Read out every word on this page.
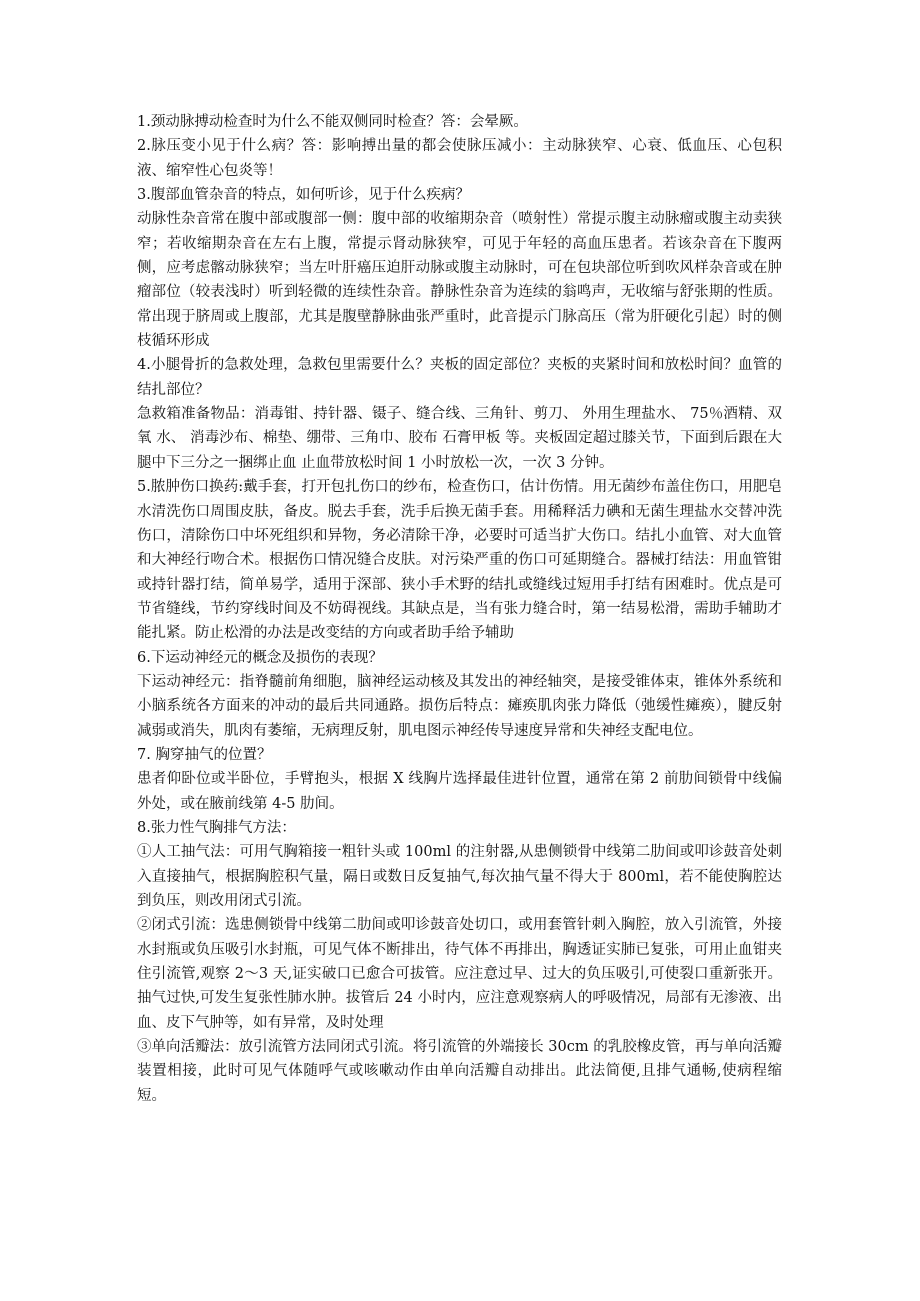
1.颈动脉搏动检查时为什么不能双侧同时检查？答：会晕厥。

2.脉压变小见于什么病？答：影响搏出量的都会使脉压减小：主动脉狭窄、心衰、低血压、心包积液、缩窄性心包炎等！

3.腹部血管杂音的特点，如何听诊，见于什么疾病？

动脉性杂音常在腹中部或腹部一侧：腹中部的收缩期杂音（喷射性）常提示腹主动脉瘤或腹主动卖狭窄；若收缩期杂音在左右上腹，常提示肾动脉狭窄，可见于年轻的高血压患者。若该杂音在下腹两侧，应考虑髂动脉狭窄；当左叶肝癌压迫肝动脉或腹主动脉时，可在包块部位听到吹风样杂音或在肿瘤部位（较表浅时）听到轻微的连续性杂音。静脉性杂音为连续的翁鸣声，无收缩与舒张期的性质。常出现于脐周或上腹部，尤其是腹壁静脉曲张严重时，此音提示门脉高压（常为肝硬化引起）时的侧枝循环形成

4.小腿骨折的急救处理，急救包里需要什么？夹板的固定部位？夹板的夹紧时间和放松时间？血管的结扎部位？

急救箱准备物品：消毒钳、持针器、镊子、缝合线、三角针、剪刀、 外用生理盐水、 75％酒精、双氧 水、 消毒沙布、棉垫、绷带、三角巾、胶布 石膏甲板 等。夹板固定超过膝关节，下面到后跟在大腿中下三分之一捆绑止血 止血带放松时间 1 小时放松一次，一次 3 分钟。

5.脓肿伤口换药:戴手套，打开包扎伤口的纱布，检查伤口，估计伤情。用无菌纱布盖住伤口，用肥皂水清洗伤口周围皮肤，备皮。脱去手套，洗手后换无菌手套。用稀释活力碘和无菌生理盐水交替冲洗伤口，清除伤口中坏死组织和异物，务必清除干净，必要时可适当扩大伤口。结扎小血管、对大血管和大神经行吻合术。根据伤口情况缝合皮肤。对污染严重的伤口可延期缝合。器械打结法：用血管钳或持针器打结，简单易学，适用于深部、狭小手术野的结扎或缝线过短用手打结有困难时。优点是可节省缝线，节约穿线时间及不妨碍视线。其缺点是，当有张力缝合时，第一结易松滑，需助手辅助才能扎紧。防止松滑的办法是改变结的方向或者助手给予辅助

6.下运动神经元的概念及损伤的表现？

下运动神经元：指脊髓前角细胞，脑神经运动核及其发出的神经轴突，是接受锥体束，锥体外系统和小脑系统各方面来的冲动的最后共同通路。损伤后特点：瘫痪肌肉张力降低（弛缓性瘫痪），腱反射减弱或消失，肌肉有萎缩，无病理反射，肌电图示神经传导速度异常和失神经支配电位。

7. 胸穿抽气的位置？

患者仰卧位或半卧位，手臂抱头，根据 X 线胸片选择最佳进针位置，通常在第 2 前肋间锁骨中线偏外处，或在腋前线第 4-5 肋间。

8.张力性气胸排气方法：

①人工抽气法：可用气胸箱接一粗针头或 100ml 的注射器,从患侧锁骨中线第二肋间或叩诊鼓音处刺入直接抽气，根据胸腔积气量，隔日或数日反复抽气,每次抽气量不得大于 800ml，若不能使胸腔达到负压，则改用闭式引流。

②闭式引流：选患侧锁骨中线第二肋间或叩诊鼓音处切口，或用套管针刺入胸腔，放入引流管，外接水封瓶或负压吸引水封瓶，可见气体不断排出，待气体不再排出，胸透证实肺已复张，可用止血钳夹住引流管,观察 2～3 天,证实破口已愈合可拔管。应注意过早、过大的负压吸引,可使裂口重新张开。抽气过快,可发生复张性肺水肿。拔管后 24 小时内，应注意观察病人的呼吸情况，局部有无渗液、出血、皮下气肿等，如有异常，及时处理

③单向活瓣法：放引流管方法同闭式引流。将引流管的外端接长 30cm 的乳胶橡皮管，再与单向活瓣装置相接，此时可见气体随呼气或咳嗽动作由单向活瓣自动排出。此法简便,且排气通畅,使病程缩短。
